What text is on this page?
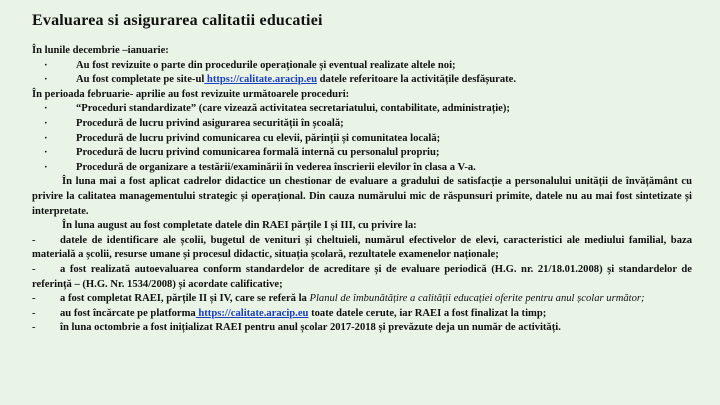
Evaluarea si asigurarea calitatii educatiei
În lunile decembrie –ianuarie:
·	Au fost revizuite o parte din procedurile operaționale și eventual realizate altele noi;
·	Au fost completate pe site-ul https://calitate.aracip.eu datele referitoare la activitățile desfășurate.
În perioada februarie- aprilie au fost revizuite următoarele proceduri:
·	“Proceduri standardizate” (care vizează activitatea secretariatului, contabilitate, administrație);
·	Procedură de lucru privind asigurarea securității în școală;
·	Procedură de lucru privind comunicarea cu elevii, părinții și comunitatea locală;
·	Procedură de lucru privind comunicarea formală internă cu personalul propriu;
·	Procedură de organizare a testării/examinării în vederea înscrierii elevilor în clasa a V-a.
În luna mai a fost aplicat cadrelor didactice un chestionar de evaluare a gradului de satisfacție a personalului unității de învățământ cu privire la calitatea managementului strategic și operațional. Din cauza numărului mic de răspunsuri primite, datele nu au mai fost sintetizate și interpretate.
În luna august au fost completate datele din RAEI părțile I și III, cu privire la:
- datele de identificare ale școlii, bugetul de venituri și cheltuieli, numărul efectivelor de elevi, caracteristici ale mediului familial, baza materială a școlii, resurse umane și procesul didactic, situația școlară, rezultatele examenelor naționale;
- a fost realizată autoevaluarea conform standardelor de acreditare și de evaluare periodică (H.G. nr. 21/18.01.2008) și standardelor de referință – (H.G. Nr. 1534/2008) și acordate calificative;
- a fost completat RAEI, părțile II și IV, care se referă la Planul de îmbunătățire a calității educației oferite pentru anul școlar următor;
- au fost încărcate pe platforma https://calitate.aracip.eu toate datele cerute, iar RAEI a fost finalizat la timp;
- în luna octombrie a fost inițializat RAEI pentru anul școlar 2017-2018 și prevăzute deja un număr de activități.
